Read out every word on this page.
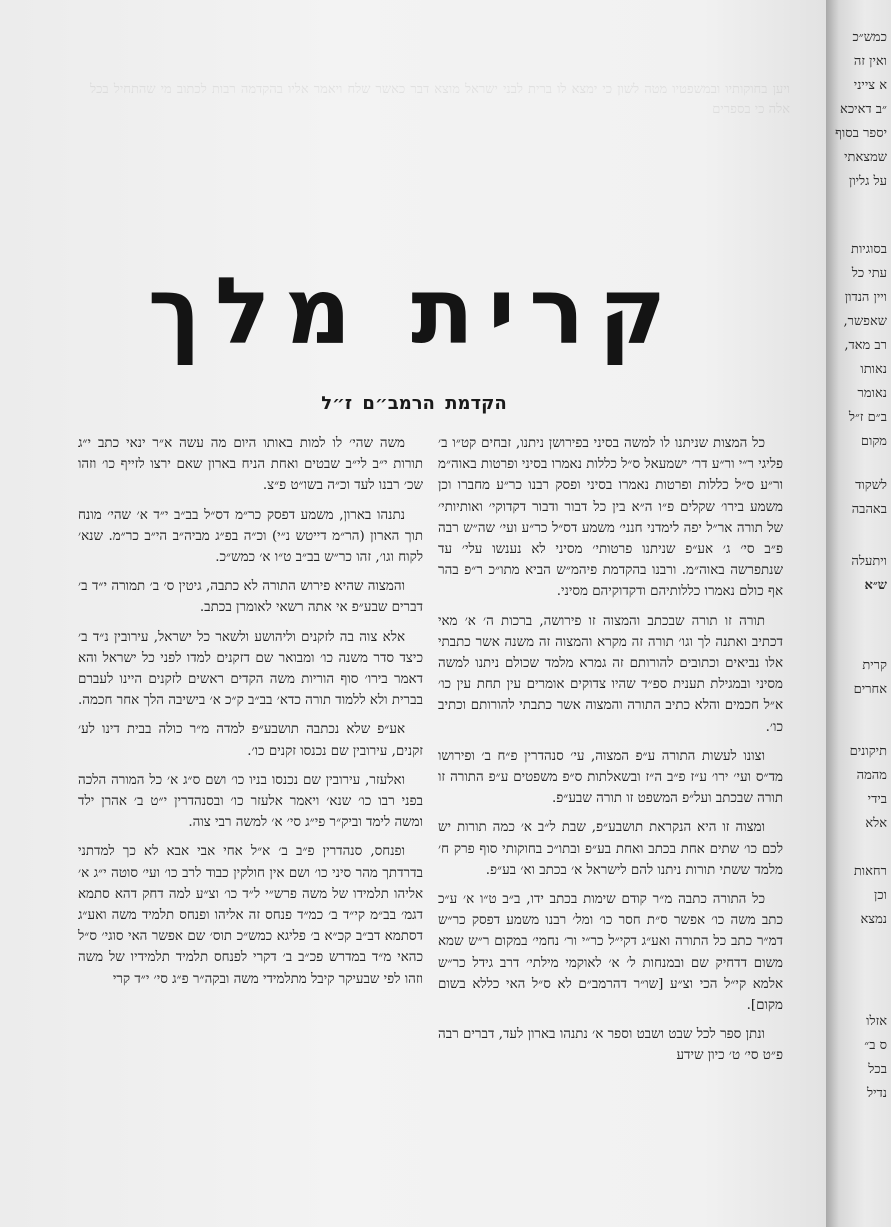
ויען בחוקותיו ובמשפטיו מטה לשון כי ימצא לו ברית לבני ישראל מוצא דבר כאשר שלח ויאמר אליו בהקדמה רבות לכתוב מי שהתחיל בכל אלה כי בספרים
קרית מלך
הקדמת הרמב״ם ז״ל

כל המצות שניתנו לו למשה בסיני בפירושן ניתנו, זבחים קט״ו ב׳ פליגי ר״י ור״ע דר׳ ישמעאל ס״ל כללות נאמרו בסיני ופרטות באוה״מ ור״ע ס״ל כללות ופרטות נאמרו בסיני ופסק רבנו כר״ע מחברו וכן משמע בירו׳ שקלים פ״ו ה״א בין כל דבור ודבור דקדוקי׳ ואותיותי׳ של תורה אר״ל יפה לימדני חנני׳ משמע דס״ל כר״ע ועי׳ שה״ש רבה פ״ב סי׳ ג׳ אע״פ שניתנו פרטותי׳ מסיני לא נענשו עלי׳ עד שנתפרשה באוה״מ. ורבנו בהקדמת פיהמ״ש הביא מתו״כ ר״פ בהר אף כולם נאמרו כללותיהם ודקדוקיהם מסיני.

תורה זו תורה שבכתב והמצוה זו פירושה, ברכות ה׳ א׳ מאי דכתיב ואתנה לך וגו׳ תורה זה מקרא והמצוה זה משנה אשר כתבתי אלו נביאים וכתובים להורותם זה גמרא מלמד שכולם ניתנו למשה מסיני ובמגילת תענית ספ״ד שהיו צדוקים אומרים עין תחת עין כו׳ א״ל חכמים והלא כתיב התורה והמצוה אשר כתבתי להורותם וכתיב כו׳.

וצונו לעשות התורה ע״פ המצוה, עי׳ סנהדרין פ״ח ב׳ ופירושו מד״ס ועי׳ ירו׳ ע״ז פ״ב ה״ז ובשאלתות ס״פ משפטים ע״פ התורה זו תורה שבכתב ועל״פ המשפט זו תורה שבע״פ.

ומצוה זו היא הנקראת תושבע״פ, שבת ל״ב א׳ כמה תורות יש לכם כו׳ שתים אחת בכתב ואחת בע״פ ובתו״כ בחוקותי סוף פרק ח׳ מלמד ששתי תורות ניתנו להם לישראל א׳ בכתב וא׳ בע״פ.

כל התורה כתבה מ״ר קודם שימות בכתב ידו, ב״ב ט״ו א׳ ע״כ כתב משה כו׳ אפשר ס״ת חסר כו׳ ומל׳ רבנו משמע דפסק כר״ש דמ״ר כתב כל התורה ואע״ג דקי״ל כר״י ור׳ נחמי׳ במקום ר״ש שמא משום דדחיק שם ובמנחות ל׳ א׳ לאוקמי מילתי׳ דרב גידל כר״ש אלמא קי״ל הכי וצ״ע [שו״ר דהרמב״ם לא ס״ל האי כללא בשום מקום].

ונתן ספר לכל שבט ושבט וספר א׳ נתנהו בארון לעד, דברים רבה פ״ט סי׳ ט׳ כיון שידע

משה שהי׳ לו למות באותו היום מה עשה א״ר ינאי כתב י״ג תורות י״ב לי״ב שבטים ואחת הניח בארון שאם ירצו לזייף כו׳ וזהו שכ׳ רבנו לעד וכ״ה בשו״ט פ״צ.

נתנהו בארון, משמע דפסק כר״מ דס״ל בב״ב י״ד א׳ שהי׳ מונח תוך הארון (הר״מ דייטש נ״י) וכ״ה בפ״ג מביה״ב הי״ב כר״מ. שנא׳ לקוח וגו׳, זהו כר״ש בב״ב ט״ו א׳ כמש״כ.

והמצוה שהיא פירוש התורה לא כתבה, גיטין ס׳ ב׳ תמורה י״ד ב׳ דברים שבע״פ אי אתה רשאי לאומרן בכתב.

אלא צוה בה לזקנים וליהושע ולשאר כל ישראל, עירובין נ״ד ב׳ כיצד סדר משנה כו׳ ומבואר שם דזקנים למדו לפני כל ישראל והא דאמר בירו׳ סוף הוריות משה הקדים ראשים לזקנים היינו לעברם בברית ולא ללמוד תורה כדא׳ בב״ב ק״כ א׳ בישיבה הלך אחר חכמה.

אע״פ שלא נכתבה תושבע״פ למדה מ״ר כולה בבית דינו לע׳ זקנים, עירובין שם נכנסו זקנים כו׳.

ואלעזר, עירובין שם נכנסו בניו כו׳ ושם ס״ג א׳ כל המורה הלכה בפני רבו כו׳ שנא׳ ויאמר אלעזר כו׳ ובסנהדרין י״ט ב׳ אהרן ילד ומשה לימד וביק״ר פי״ג סי׳ א׳ למשה רבי צוה.

ופנחס, סנהדרין פ״ב ב׳ א״ל אחי אבי אבא לא כך למדתני בדרדתך מהר סיני כו׳ ושם אין חולקין כבוד לרב כו׳ ועי׳ סוטה י״ג א׳ אליהו תלמידו של משה פרש״י ל״ד כו׳ וצ״ע למה דחק דהא סתמא דגמ׳ בב״מ קי״ד ב׳ כמ״ד פנחס זה אליהו ופנחס תלמיד משה ואע״ג דסתמא דב״ב קכ״א ב׳ פליגא כמש״כ תוס׳ שם אפשר האי סוגי׳ ס״ל כהאי מ״ד במדרש פכ״ב ב׳ דקרי לפנחס תלמיד תלמידיו של משה וזהו לפי שבעיקר קיבל מתלמידי משה ובקה״ר פ״ג סי׳ י״ד קרי

כמש״כ
ואין זה
א צייני
״ב דאיכא
יספר בסוף
שמצאתי
על גליון
בסוגיות
עתי כל
ויין הנדון
שאפשר,
רב מאד,
נאותו
נאומר
ב״ם ז״ל
מקום
לשקוד
באהבה
ויתעלה
ש״א
קרית
אחרים
תיקונים
מהמה
בידי
אלא
רחאות
וכן
נמצא
אזלו
ס ב״
בכל
נדיל
